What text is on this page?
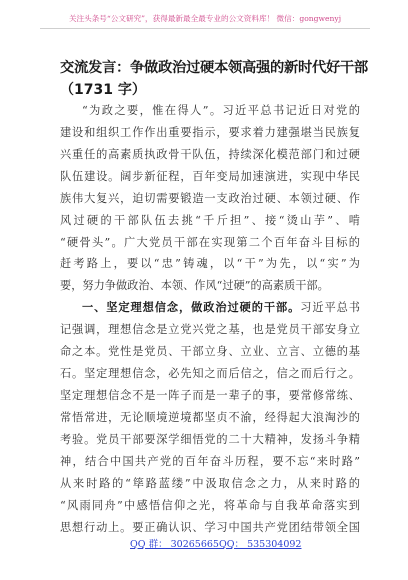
关注头条号“公文研究”，获得最新最全最专业的公文资料库！ 微信：gongwenyj
交流发言：争做政治过硬本领高强的新时代好干部
（1731 字）
“为政之要，惟在得人”。习近平总书记近日对党的
建设和组织工作作出重要指示，要求着力建强堪当民族复
兴重任的高素质执政骨干队伍，持续深化模范部门和过硬
队伍建设。阔步新征程，百年变局加速演进，实现中华民
族伟大复兴，迫切需要锻造一支政治过硬、本领过硬、作
风过硬的干部队伍去挑“千斤担”、接“烫山芋”、啃
“硬骨头”。广大党员干部在实现第二个百年奋斗目标的
赶考路上，要以“忠”铸魂，以“干”为先，以“实”为
要，努力争做政治、本领、作风“过硬”的高素质干部。
一、坚定理想信念，做政治过硬的干部。习近平总书
记强调，理想信念是立党兴党之基，也是党员干部安身立
命之本。党性是党员、干部立身、立业、立言、立德的基
石。坚定理想信念，必先知之而后信之，信之而后行之。
坚定理想信念不是一阵子而是一辈子的事，要常修常练、
常悟常进，无论顺境逆境都坚贞不渝，经得起大浪淘沙的
考验。党员干部要深学细悟党的二十大精神，发扬斗争精
神，结合中国共产党的百年奋斗历程，要不忘“来时路”
从来时路的“筚路蓝缕”中汲取信念之力，从来时路的
“风雨同舟”中感悟信仰之光，将革命与自我革命落实到
思想行动上。要正确认识、学习中国共产党团结带领全国
QQ 群： 30265665 QQ： 535304092
